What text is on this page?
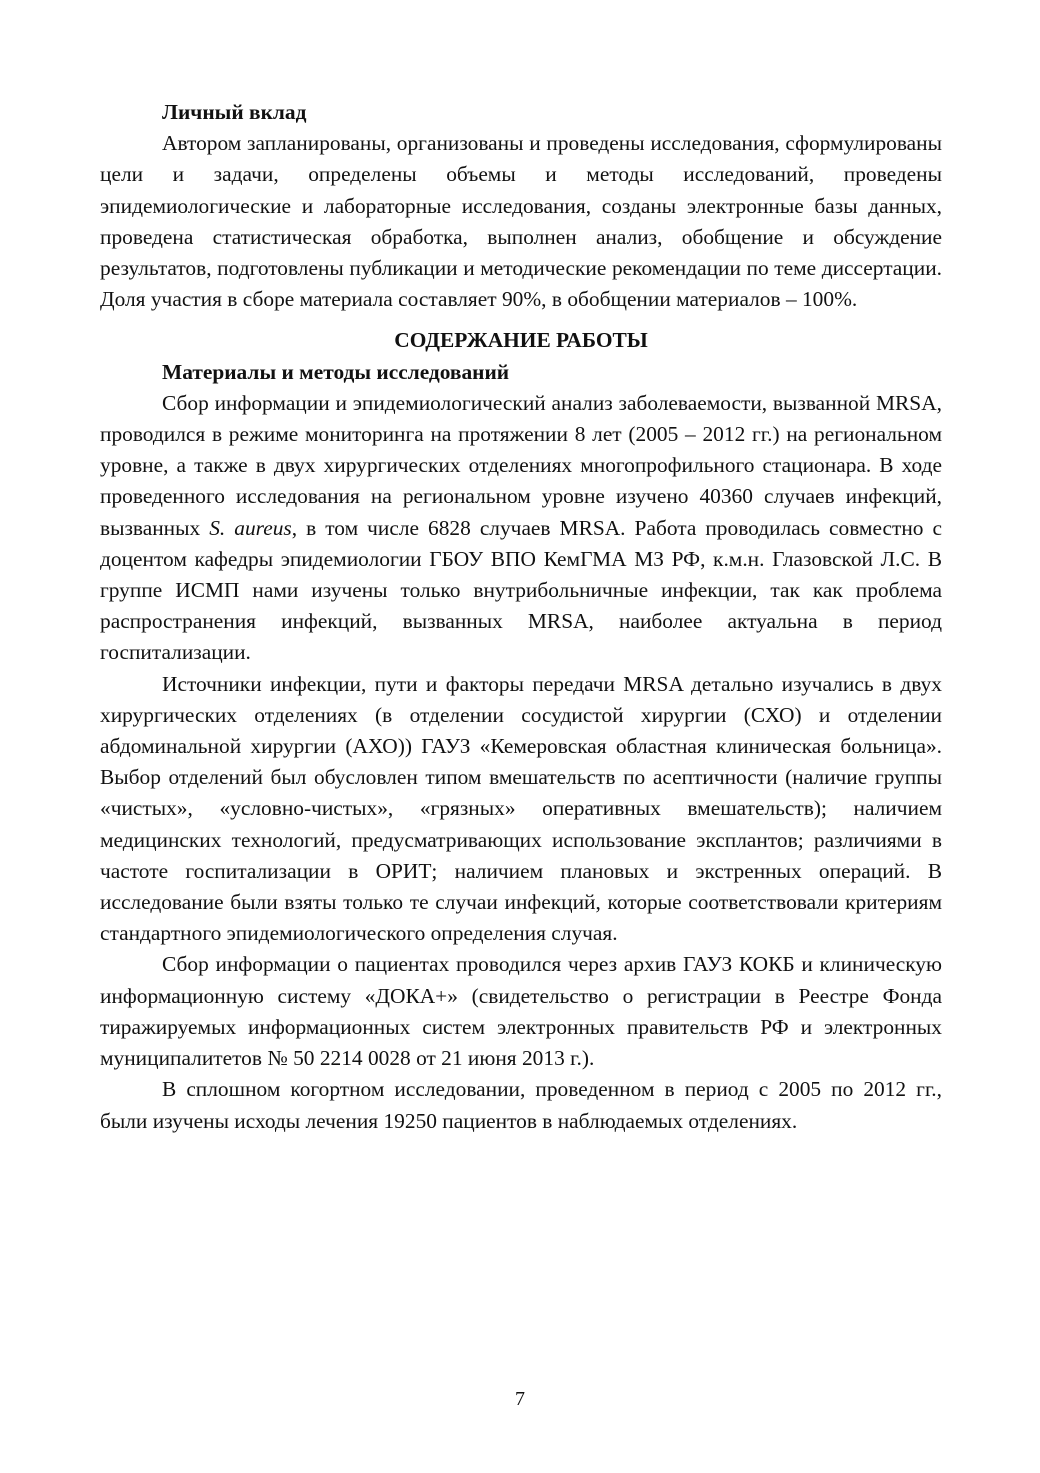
Личный вклад

Автором запланированы, организованы и проведены исследования, сформулированы цели и задачи, определены объемы и методы исследований, проведены эпидемиологические и лабораторные исследования, созданы электронные базы данных, проведена статистическая обработка, выполнен анализ, обобщение и обсуждение результатов, подготовлены публикации и методические рекомендации по теме диссертации. Доля участия в сборе материала составляет 90%, в обобщении материалов – 100%.

СОДЕРЖАНИЕ РАБОТЫ
Материалы и методы исследований

Сбор информации и эпидемиологический анализ заболеваемости, вызванной MRSA, проводился в режиме мониторинга на протяжении 8 лет (2005 – 2012 гг.) на региональном уровне, а также в двух хирургических отделениях многопрофильного стационара. В ходе проведенного исследования на региональном уровне изучено 40360 случаев инфекций, вызванных S. aureus, в том числе 6828 случаев MRSA. Работа проводилась совместно с доцентом кафедры эпидемиологии ГБОУ ВПО КемГМА МЗ РФ, к.м.н. Глазовской Л.С. В группе ИСМП нами изучены только внутрибольничные инфекции, так как проблема распространения инфекций, вызванных MRSA, наиболее актуальна в период госпитализации.

Источники инфекции, пути и факторы передачи MRSA детально изучались в двух хирургических отделениях (в отделении сосудистой хирургии (СХО) и отделении абдоминальной хирургии (АХО)) ГАУЗ «Кемеровская областная клиническая больница». Выбор отделений был обусловлен типом вмешательств по асептичности (наличие группы «чистых», «условно-чистых», «грязных» оперативных вмешательств); наличием медицинских технологий, предусматривающих использование эксплантов; различиями в частоте госпитализации в ОРИТ; наличием плановых и экстренных операций. В исследование были взяты только те случаи инфекций, которые соответствовали критериям стандартного эпидемиологического определения случая.

Сбор информации о пациентах проводился через архив ГАУЗ КОКБ и клиническую информационную систему «ДОКА+» (свидетельство о регистрации в Реестре Фонда тиражируемых информационных систем электронных правительств РФ и электронных муниципалитетов № 50 2214 0028 от 21 июня 2013 г.).

В сплошном когортном исследовании, проведенном в период с 2005 по 2012 гг., были изучены исходы лечения 19250 пациентов в наблюдаемых отделениях.

7
